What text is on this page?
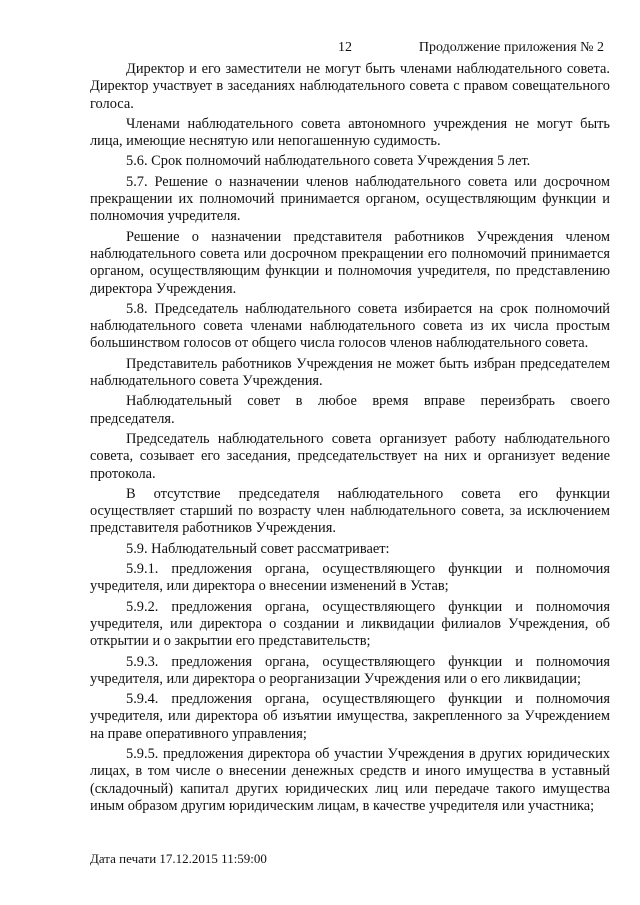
12	Продолжение приложения № 2

Директор и его заместители не могут быть членами наблюдательного совета. Директор участвует в заседаниях наблюдательного совета с правом совещательного голоса.

Членами наблюдательного совета автономного учреждения не могут быть лица, имеющие неснятую или непогашенную судимость.

5.6. Срок полномочий наблюдательного совета Учреждения 5 лет.

5.7. Решение о назначении членов наблюдательного совета или досрочном прекращении их полномочий принимается органом, осуществляющим функции и полномочия учредителя.

Решение о назначении представителя работников Учреждения членом наблюдательного совета или досрочном прекращении его полномочий принимается органом, осуществляющим функции и полномочия учредителя, по представлению директора Учреждения.

5.8. Председатель наблюдательного совета избирается на срок полномочий наблюдательного совета членами наблюдательного совета из их числа простым большинством голосов от общего числа голосов членов наблюдательного совета.

Представитель работников Учреждения не может быть избран председателем наблюдательного совета Учреждения.

Наблюдательный совет в любое время вправе переизбрать своего председателя.

Председатель наблюдательного совета организует работу наблюдательного совета, созывает его заседания, председательствует на них и организует ведение протокола.

В отсутствие председателя наблюдательного совета его функции осуществляет старший по возрасту член наблюдательного совета, за исключением представителя работников Учреждения.

5.9. Наблюдательный совет рассматривает:

5.9.1. предложения органа, осуществляющего функции и полномочия учредителя, или директора о внесении изменений в Устав;

5.9.2. предложения органа, осуществляющего функции и полномочия учредителя, или директора о создании и ликвидации филиалов Учреждения, об открытии и о закрытии его представительств;

5.9.3. предложения органа, осуществляющего функции и полномочия учредителя, или директора о реорганизации Учреждения или о его ликвидации;

5.9.4. предложения органа, осуществляющего функции и полномочия учредителя, или директора об изъятии имущества, закрепленного за Учреждением на праве оперативного управления;

5.9.5. предложения директора об участии Учреждения в других юридических лицах, в том числе о внесении денежных средств и иного имущества в уставный (складочный) капитал других юридических лиц или передаче такого имущества иным образом другим юридическим лицам, в качестве учредителя или участника;

Дата печати 17.12.2015 11:59:00
